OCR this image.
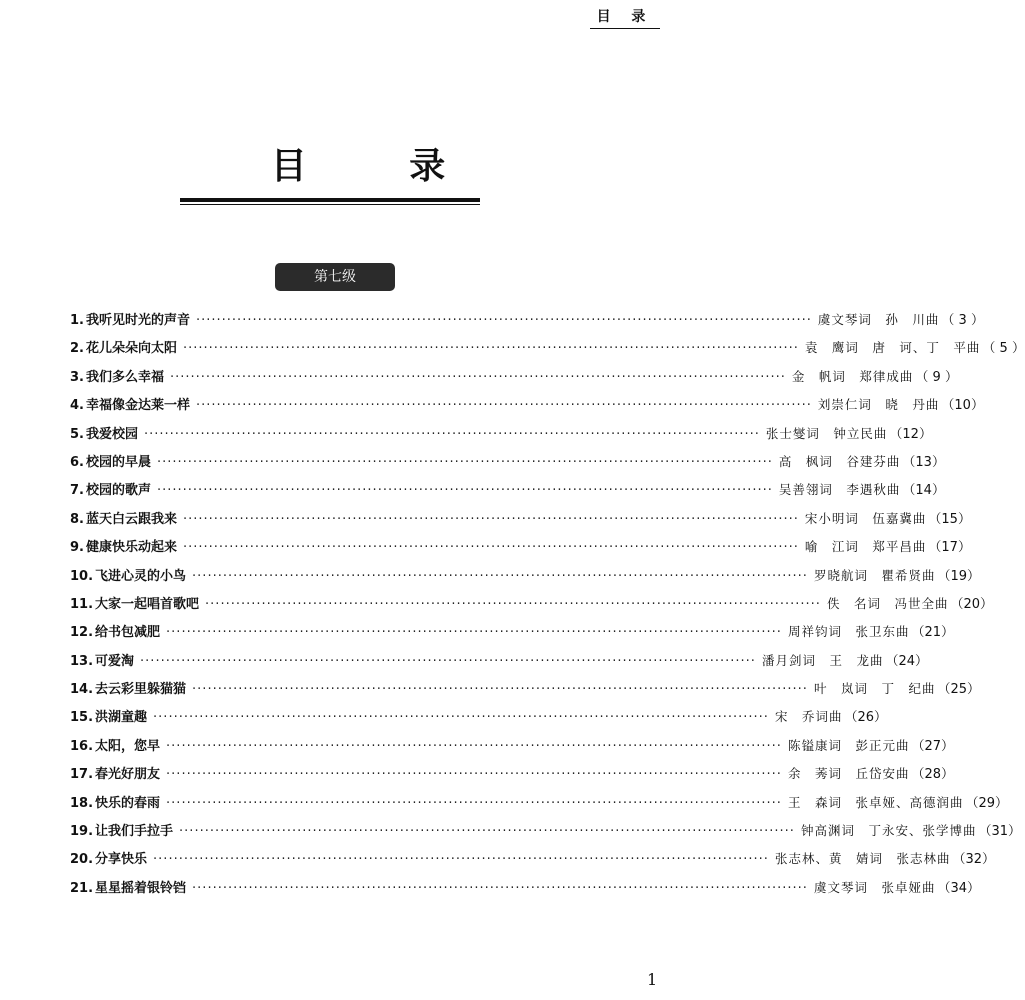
目 录
目 录
第七级
1. 我听见时光的声音 ························································································································ 虞文琴词　孙　川曲 （ 3 ）
2. 花儿朵朵向太阳 ························································································································ 袁　鹰词　唐　诃、丁　平曲 （ 5 ）
3. 我们多么幸福 ························································································································ 金　帆词　郑律成曲 （ 9 ）
4. 幸福像金达莱一样 ························································································································ 刘崇仁词　晓　丹曲 （10）
5. 我爱校园 ························································································································ 张士燮词　钟立民曲 （12）
6. 校园的早晨 ························································································································ 高　枫词　谷建芬曲 （13）
7. 校园的歌声 ························································································································ 吴善翎词　李遇秋曲 （14）
8. 蓝天白云跟我来 ························································································································ 宋小明词　伍嘉冀曲 （15）
9. 健康快乐动起来 ························································································································ 喻　江词　郑平昌曲 （17）
10. 飞进心灵的小鸟 ························································································································ 罗晓航词　瞿希贤曲 （19）
11. 大家一起唱首歌吧 ························································································································ 佚　名词　冯世全曲 （20）
12. 给书包减肥 ························································································································ 周祥钧词　张卫东曲 （21）
13. 可爱淘 ························································································································ 潘月剑词　王　龙曲 （24）
14. 去云彩里躲猫猫 ························································································································ 叶　岚词　丁　纪曲 （25）
15. 洪湖童趣 ························································································································ 宋　乔词曲 （26）
16. 太阳，您早 ························································································································ 陈镒康词　彭正元曲 （27）
17. 春光好朋友 ························································································································ 余　莠词　丘岱安曲 （28）
18. 快乐的春雨 ························································································································ 王　森词　张卓娅、高德润曲 （29）
19. 让我们手拉手 ························································································································ 钟高渊词　丁永安、张学博曲 （31）
20. 分享快乐 ························································································································ 张志林、黄　婧词　张志林曲 （32）
21. 星星摇着银铃铛 ························································································································ 虞文琴词　张卓娅曲 （34）
1
